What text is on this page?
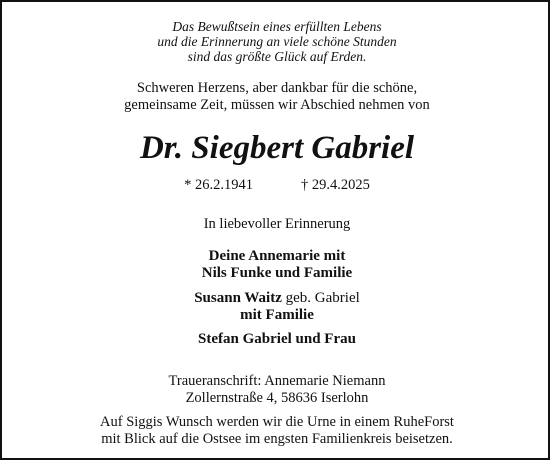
Das Bewußtsein eines erfüllten Lebens
und die Erinnerung an viele schöne Stunden
sind das größte Glück auf Erden.
Schweren Herzens, aber dankbar für die schöne,
gemeinsame Zeit, müssen wir Abschied nehmen von
Dr. Siegbert Gabriel
* 26.2.1941	† 29.4.2025
In liebevoller Erinnerung
Deine Annemarie mit
Nils Funke und Familie
Susann Waitz geb. Gabriel
mit Familie
Stefan Gabriel und Frau
Traueranschrift: Annemarie Niemann
Zollernstraße 4, 58636 Iserlohn
Auf Siggis Wunsch werden wir die Urne in einem RuheForst
mit Blick auf die Ostsee im engsten Familienkreis beisetzen.
